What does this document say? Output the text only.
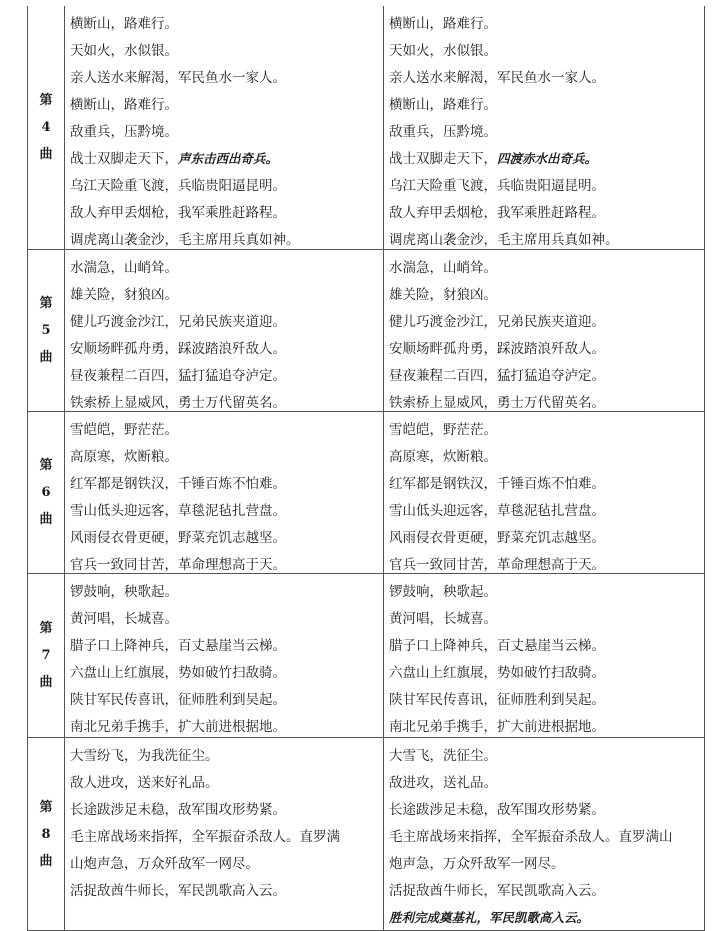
第
4
曲
横断山，路难行。
天如火，水似银。
亲人送水来解渴，军民鱼水一家人。
横断山，路难行。
敌重兵，压黔境。
战士双脚走天下，声东击西出奇兵。
乌江天险重飞渡，兵临贵阳逼昆明。
敌人弃甲丢烟枪，我军乘胜赶路程。
调虎离山袭金沙，毛主席用兵真如神。
横断山，路难行。
天如火，水似银。
亲人送水来解渴，军民鱼水一家人。
横断山，路难行。
敌重兵，压黔境。
战士双脚走天下，四渡赤水出奇兵。
乌江天险重飞渡，兵临贵阳逼昆明。
敌人弃甲丢烟枪，我军乘胜赶路程。
调虎离山袭金沙，毛主席用兵真如神。
第
5
曲
水湍急，山峭耸。
雄关险，豺狼凶。
健儿巧渡金沙江，兄弟民族夹道迎。
安顺场畔孤舟勇，踩波踏浪歼敌人。
昼夜兼程二百四，猛打猛追夺泸定。
铁索桥上显威风，勇士万代留英名。
水湍急，山峭耸。
雄关险，豺狼凶。
健儿巧渡金沙江，兄弟民族夹道迎。
安顺场畔孤舟勇，踩波踏浪歼敌人。
昼夜兼程二百四，猛打猛追夺泸定。
铁索桥上显威风，勇士万代留英名。
第
6
曲
雪皑皑，野茫茫。
高原寒，炊断粮。
红军都是钢铁汉，千锤百炼不怕难。
雪山低头迎远客，草毯泥毡扎营盘。
风雨侵衣骨更硬，野菜充饥志越坚。
官兵一致同甘苦，革命理想高于天。
雪皑皑，野茫茫。
高原寒，炊断粮。
红军都是钢铁汉，千锤百炼不怕难。
雪山低头迎远客，草毯泥毡扎营盘。
风雨侵衣骨更硬，野菜充饥志越坚。
官兵一致同甘苦，革命理想高于天。
第
7
曲
锣鼓响，秧歌起。
黄河唱，长城喜。
腊子口上降神兵，百丈悬崖当云梯。
六盘山上红旗展，势如破竹扫敌骑。
陕甘军民传喜讯，征师胜利到吴起。
南北兄弟手携手，扩大前进根据地。
锣鼓响，秧歌起。
黄河唱，长城喜。
腊子口上降神兵，百丈悬崖当云梯。
六盘山上红旗展，势如破竹扫敌骑。
陕甘军民传喜讯，征师胜利到吴起。
南北兄弟手携手，扩大前进根据地。
第
8
曲
大雪纷飞，为我洗征尘。
敌人进攻，送来好礼品。
长途跋涉足未稳，敌军围攻形势紧。
毛主席战场来指挥，全军振奋杀敌人。直罗满
山炮声急，万众歼敌军一网尽。
活捉敌酋牛师长，军民凯歌高入云。
大雪飞，洗征尘。
敌进攻，送礼品。
长途跋涉足未稳，敌军围攻形势紧。
毛主席战场来指挥，全军振奋杀敌人。直罗满山
炮声急，万众歼敌军一网尽。
活捉敌酋牛师长，军民凯歌高入云。
胜利完成奠基礼，军民凯歌高入云。
